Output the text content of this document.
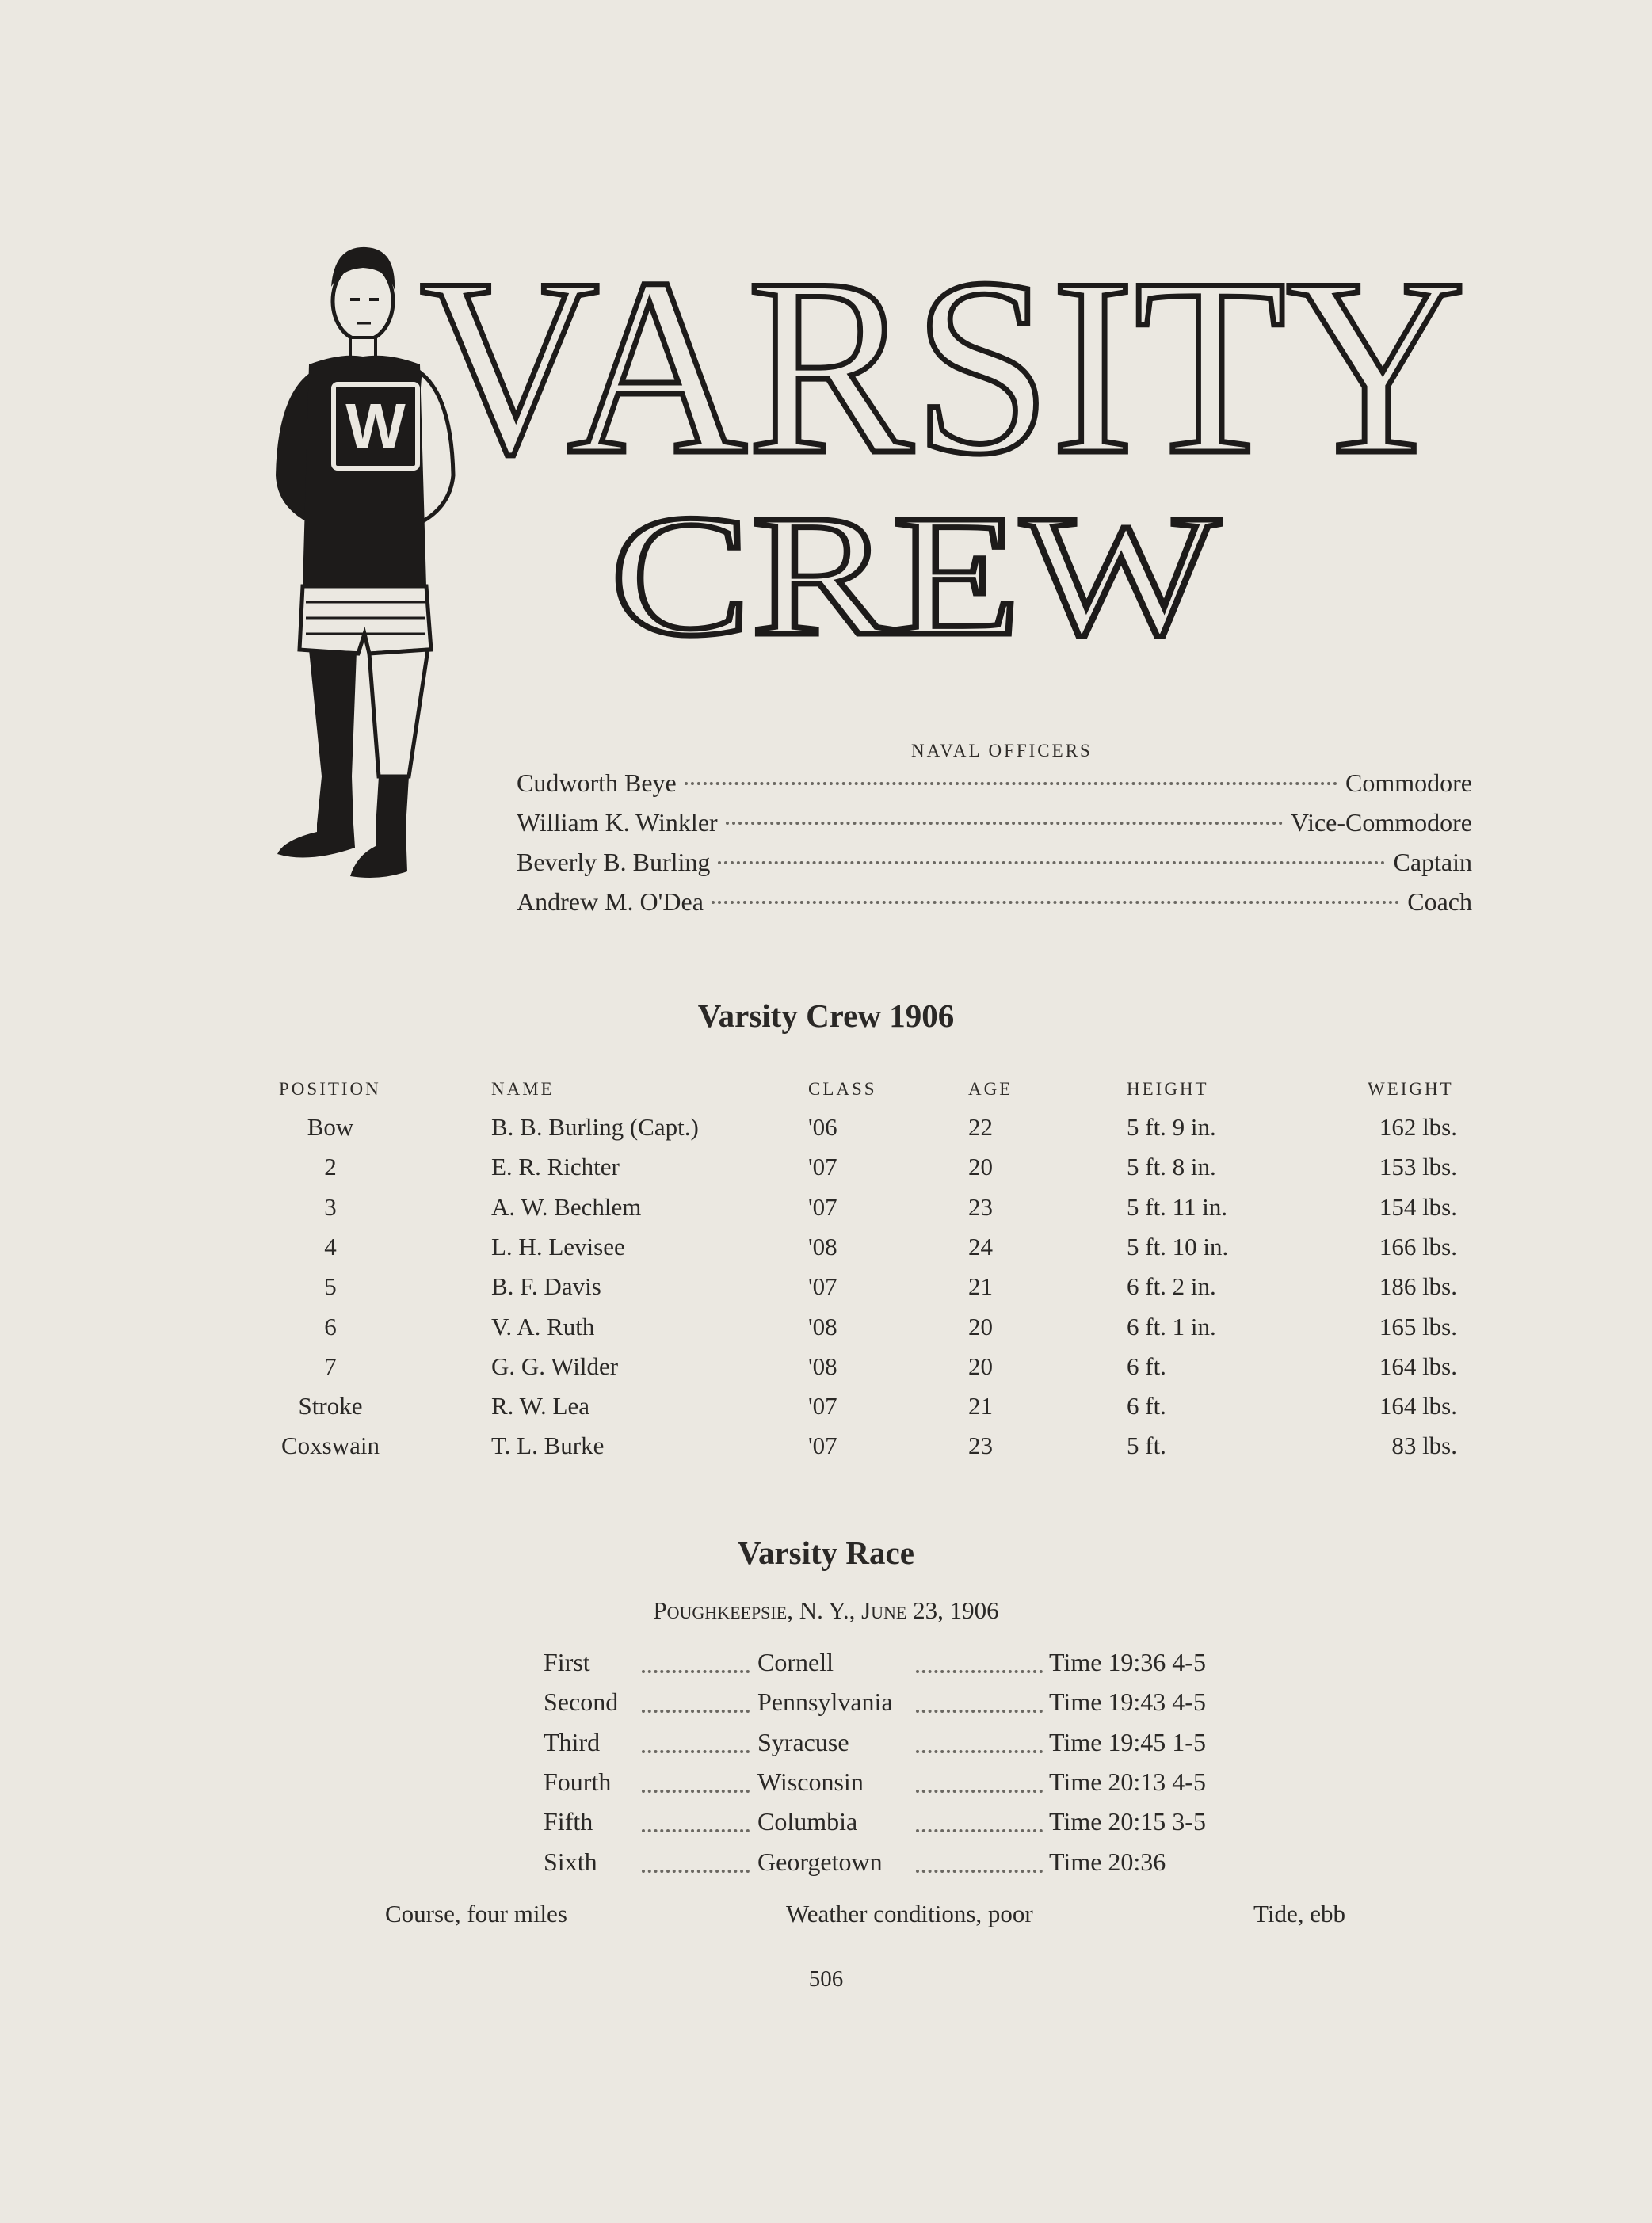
W VARSITY
CREW
NAVAL OFFICERS
Cudworth Beye	Commodore
William K. Winkler	Vice-Commodore
Beverly B. Burling	Captain
Andrew M. O'Dea	Coach
Varsity Crew 1906
POSITION	NAME	CLASS	AGE	HEIGHT	WEIGHT
Bow	B. B. Burling (Capt.)	'06	22	5 ft. 9 in.	162 lbs.
2	E. R. Richter	'07	20	5 ft. 8 in.	153 lbs.
3	A. W. Bechlem	'07	23	5 ft. 11 in.	154 lbs.
4	L. H. Levisee	'08	24	5 ft. 10 in.	166 lbs.
5	B. F. Davis	'07	21	6 ft. 2 in.	186 lbs.
6	V. A. Ruth	'08	20	6 ft. 1 in.	165 lbs.
7	G. G. Wilder	'08	20	6 ft.	164 lbs.
Stroke	R. W. Lea	'07	21	6 ft.	164 lbs.
Coxswain	T. L. Burke	'07	23	5 ft.	83 lbs.
Varsity Race
Poughkeepsie, N. Y., June 23, 1906
First	Cornell	Time 19:36 4-5
Second	Pennsylvania	Time 19:43 4-5
Third	Syracuse	Time 19:45 1-5
Fourth	Wisconsin	Time 20:13 4-5
Fifth	Columbia	Time 20:15 3-5
Sixth	Georgetown	Time 20:36
Course, four miles	Weather conditions, poor	Tide, ebb
506
